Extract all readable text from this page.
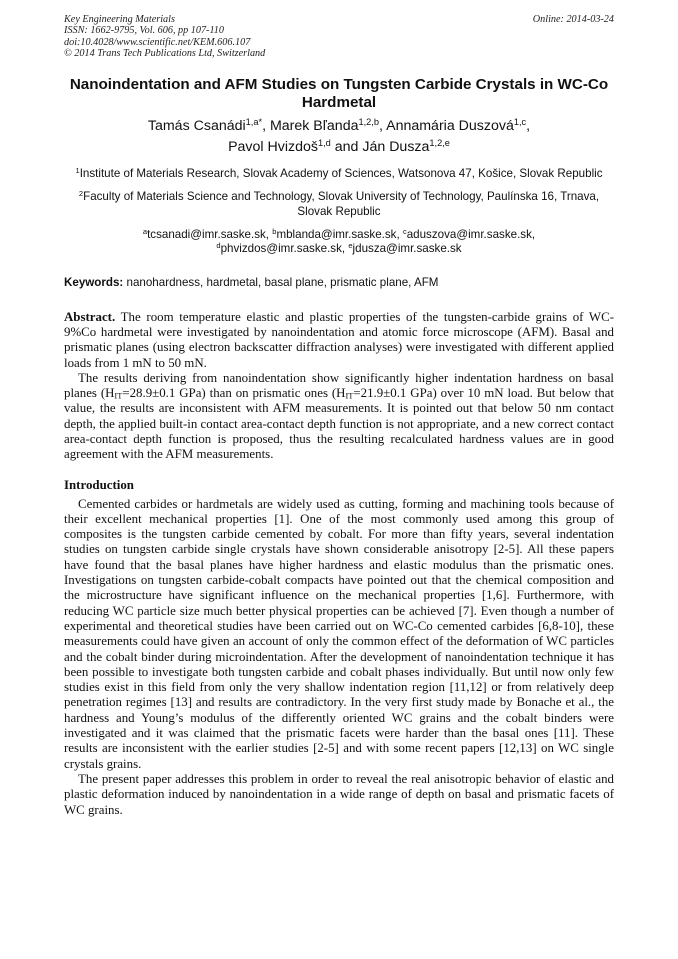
Key Engineering Materials
ISSN: 1662-9795, Vol. 606, pp 107-110
doi:10.4028/www.scientific.net/KEM.606.107
© 2014 Trans Tech Publications Ltd, Switzerland
Online: 2014-03-24
Nanoindentation and AFM Studies on Tungsten Carbide Crystals in WC-Co Hardmetal
Tamás Csanádi$^{1,a*}$, Marek Bľanda$^{1,2,b}$, Annamária Duszová$^{1,c}$,
Pavol Hvizdoš$^{1,d}$ and Ján Dusza$^{1,2,e}$
$^1$Institute of Materials Research, Slovak Academy of Sciences, Watsonova 47, Košice, Slovak Republic
$^2$Faculty of Materials Science and Technology, Slovak University of Technology, Paulínska 16, Trnava, Slovak Republic
$^a$tcsanadi@imr.saske.sk, $^b$mblanda@imr.saske.sk, $^c$aduszova@imr.saske.sk,
$^d$phvizdos@imr.saske.sk, $^e$jdusza@imr.saske.sk
Keywords: nanohardness, hardmetal, basal plane, prismatic plane, AFM

Abstract. The room temperature elastic and plastic properties of the tungsten-carbide grains of WC-9%Co hardmetal were investigated by nanoindentation and atomic force microscope (AFM). Basal and prismatic planes (using electron backscatter diffraction analyses) were investigated with different applied loads from 1 mN to 50 mN.

The results deriving from nanoindentation show significantly higher indentation hardness on basal planes ($H_{IT}=28.9\pm 0.1$ GPa) than on prismatic ones ($H_{IT}=21.9\pm 0.1$ GPa) over 10 mN load. But below that value, the results are inconsistent with AFM measurements. It is pointed out that below 50 nm contact depth, the applied built-in contact area-contact depth function is not appropriate, and a new correct contact area-contact depth function is proposed, thus the resulting recalculated hardness values are in good agreement with the AFM measurements.

Introduction

Cemented carbides or hardmetals are widely used as cutting, forming and machining tools because of their excellent mechanical properties [1]. One of the most commonly used among this group of composites is the tungsten carbide cemented by cobalt. For more than fifty years, several indentation studies on tungsten carbide single crystals have shown considerable anisotropy [2-5]. All these papers have found that the basal planes have higher hardness and elastic modulus than the prismatic ones. Investigations on tungsten carbide-cobalt compacts have pointed out that the chemical composition and the microstructure have significant influence on the mechanical properties [1,6]. Furthermore, with reducing WC particle size much better physical properties can be achieved [7]. Even though a number of experimental and theoretical studies have been carried out on WC-Co cemented carbides [6,8-10], these measurements could have given an account of only the common effect of the deformation of WC particles and the cobalt binder during microindentation. After the development of nanoindentation technique it has been possible to investigate both tungsten carbide and cobalt phases individually. But until now only few studies exist in this field from only the very shallow indentation region [11,12] or from relatively deep penetration regimes [13] and results are contradictory. In the very first study made by Bonache et al., the hardness and Young’s modulus of the differently oriented WC grains and the cobalt binders were investigated and it was claimed that the prismatic facets were harder than the basal ones [11]. These results are inconsistent with the earlier studies [2-5] and with some recent papers [12,13] on WC single crystals grains.

The present paper addresses this problem in order to reveal the real anisotropic behavior of elastic and plastic deformation induced by nanoindentation in a wide range of depth on basal and prismatic facets of WC grains.
